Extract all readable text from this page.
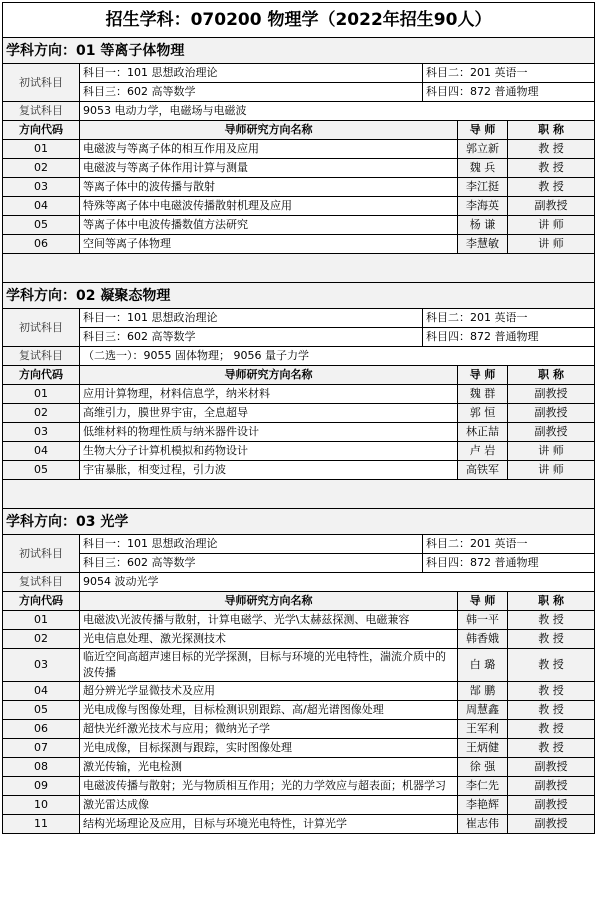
招生学科：070200 物理学（2022年招生90人）				
学科方向：01 等离子体物理				
初试科目	科目一：101 思想政治理论	科目二：201 英语一		
	科目三：602 高等数学	科目四：872 普通物理		
复试科目	9053 电动力学，电磁场与电磁波			
方向代码	导师研究方向名称		导 师	职 称
01	电磁波与等离子体的相互作用及应用		郭立新	教 授
02	电磁波与等离子体作用计算与测量		魏 兵	教 授
03	等离子体中的波传播与散射		李江挺	教 授
04	特殊等离子体中电磁波传播散射机理及应用		李海英	副教授
05	等离子体中电波传播数值方法研究		杨 谦	讲 师
06	空间等离子体物理		李慧敏	讲 师

学科方向：02 凝聚态物理				
初试科目	科目一：101 思想政治理论	科目二：201 英语一		
	科目三：602 高等数学	科目四：872 普通物理		
复试科目	（二选一）：9055 固体物理； 9056 量子力学			
方向代码	导师研究方向名称		导 师	职 称
01	应用计算物理，材料信息学，纳米材料		魏 群	副教授
02	高维引力，膜世界宇宙，全息超导		郭 恒	副教授
03	低维材料的物理性质与纳米器件设计		林正喆	副教授
04	生物大分子计算机模拟和药物设计		卢 岩	讲 师
05	宇宙暴胀，相变过程，引力波		高铁军	讲 师

学科方向：03 光学				
初试科目	科目一：101 思想政治理论	科目二：201 英语一		
	科目三：602 高等数学	科目四：872 普通物理		
复试科目	9054 波动光学			
方向代码	导师研究方向名称		导 师	职 称
01	电磁波\光波传播与散射，计算电磁学、光学\太赫兹探测、电磁兼容		韩一平	教 授
02	光电信息处理、激光探测技术		韩香娥	教 授
03	临近空间高超声速目标的光学探测，目标与环境的光电特性，湍流介质中的波传播		白 璐	教 授
04	超分辨光学显微技术及应用		郜 鹏	教 授
05	光电成像与图像处理，目标检测识别跟踪、高/超光谱图像处理		周慧鑫	教 授
06	超快光纤激光技术与应用；微纳光子学		王军利	教 授
07	光电成像，目标探测与跟踪，实时图像处理		王炳健	教 授
08	激光传输，光电检测		徐 强	副教授
09	电磁波传播与散射；光与物质相互作用；光的力学效应与超表面；机器学习		李仁先	副教授
10	激光雷达成像		李艳辉	副教授
11	结构光场理论及应用，目标与环境光电特性，计算光学		崔志伟	副教授
